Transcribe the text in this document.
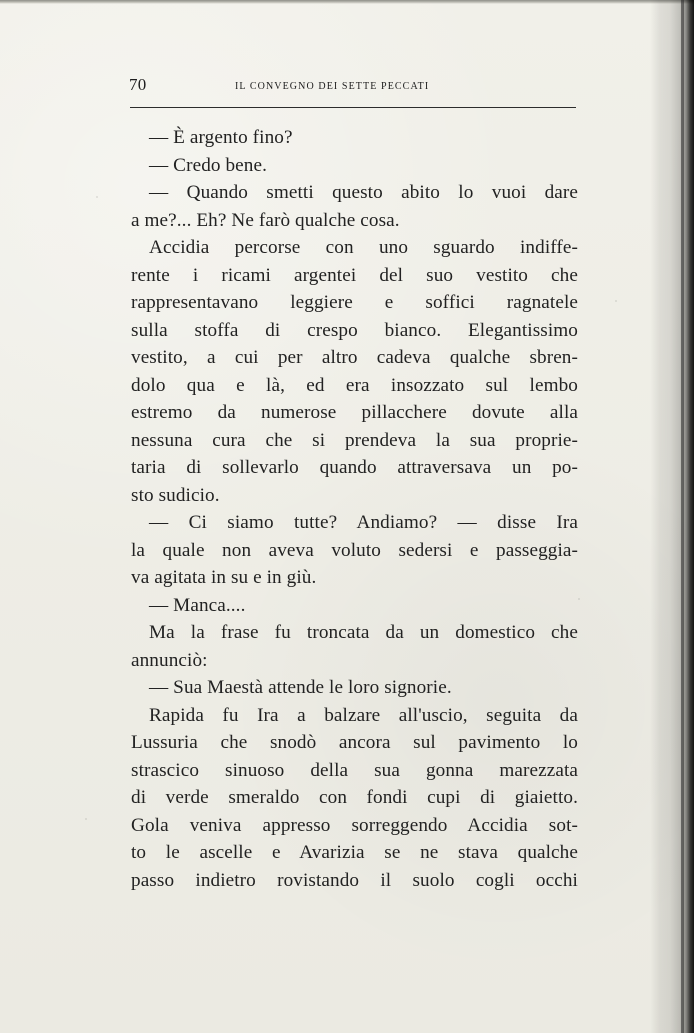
70	IL CONVEGNO DEI SETTE PECCATI
— È argento fino?
— Credo bene.
— Quando smetti questo abito lo vuoi dare
a me?... Eh? Ne farò qualche cosa.
Accidia percorse con uno sguardo indiffe-
rente i ricami argentei del suo vestito che
rappresentavano leggiere e soffici ragnatele
sulla stoffa di crespo bianco. Elegantissimo
vestito, a cui per altro cadeva qualche sbren-
dolo qua e là, ed era insozzato sul lembo
estremo da numerose pillacchere dovute alla
nessuna cura che si prendeva la sua proprie-
taria di sollevarlo quando attraversava un po-
sto sudicio.
— Ci siamo tutte? Andiamo? — disse Ira
la quale non aveva voluto sedersi e passeggia-
va agitata in su e in giù.
— Manca....
Ma la frase fu troncata da un domestico che
annunciò:
— Sua Maestà attende le loro signorie.
Rapida fu Ira a balzare all'uscio, seguita da
Lussuria che snodò ancora sul pavimento lo
strascico sinuoso della sua gonna marezzata
di verde smeraldo con fondi cupi di giaietto.
Gola veniva appresso sorreggendo Accidia sot-
to le ascelle e Avarizia se ne stava qualche
passo indietro rovistando il suolo cogli occhi
